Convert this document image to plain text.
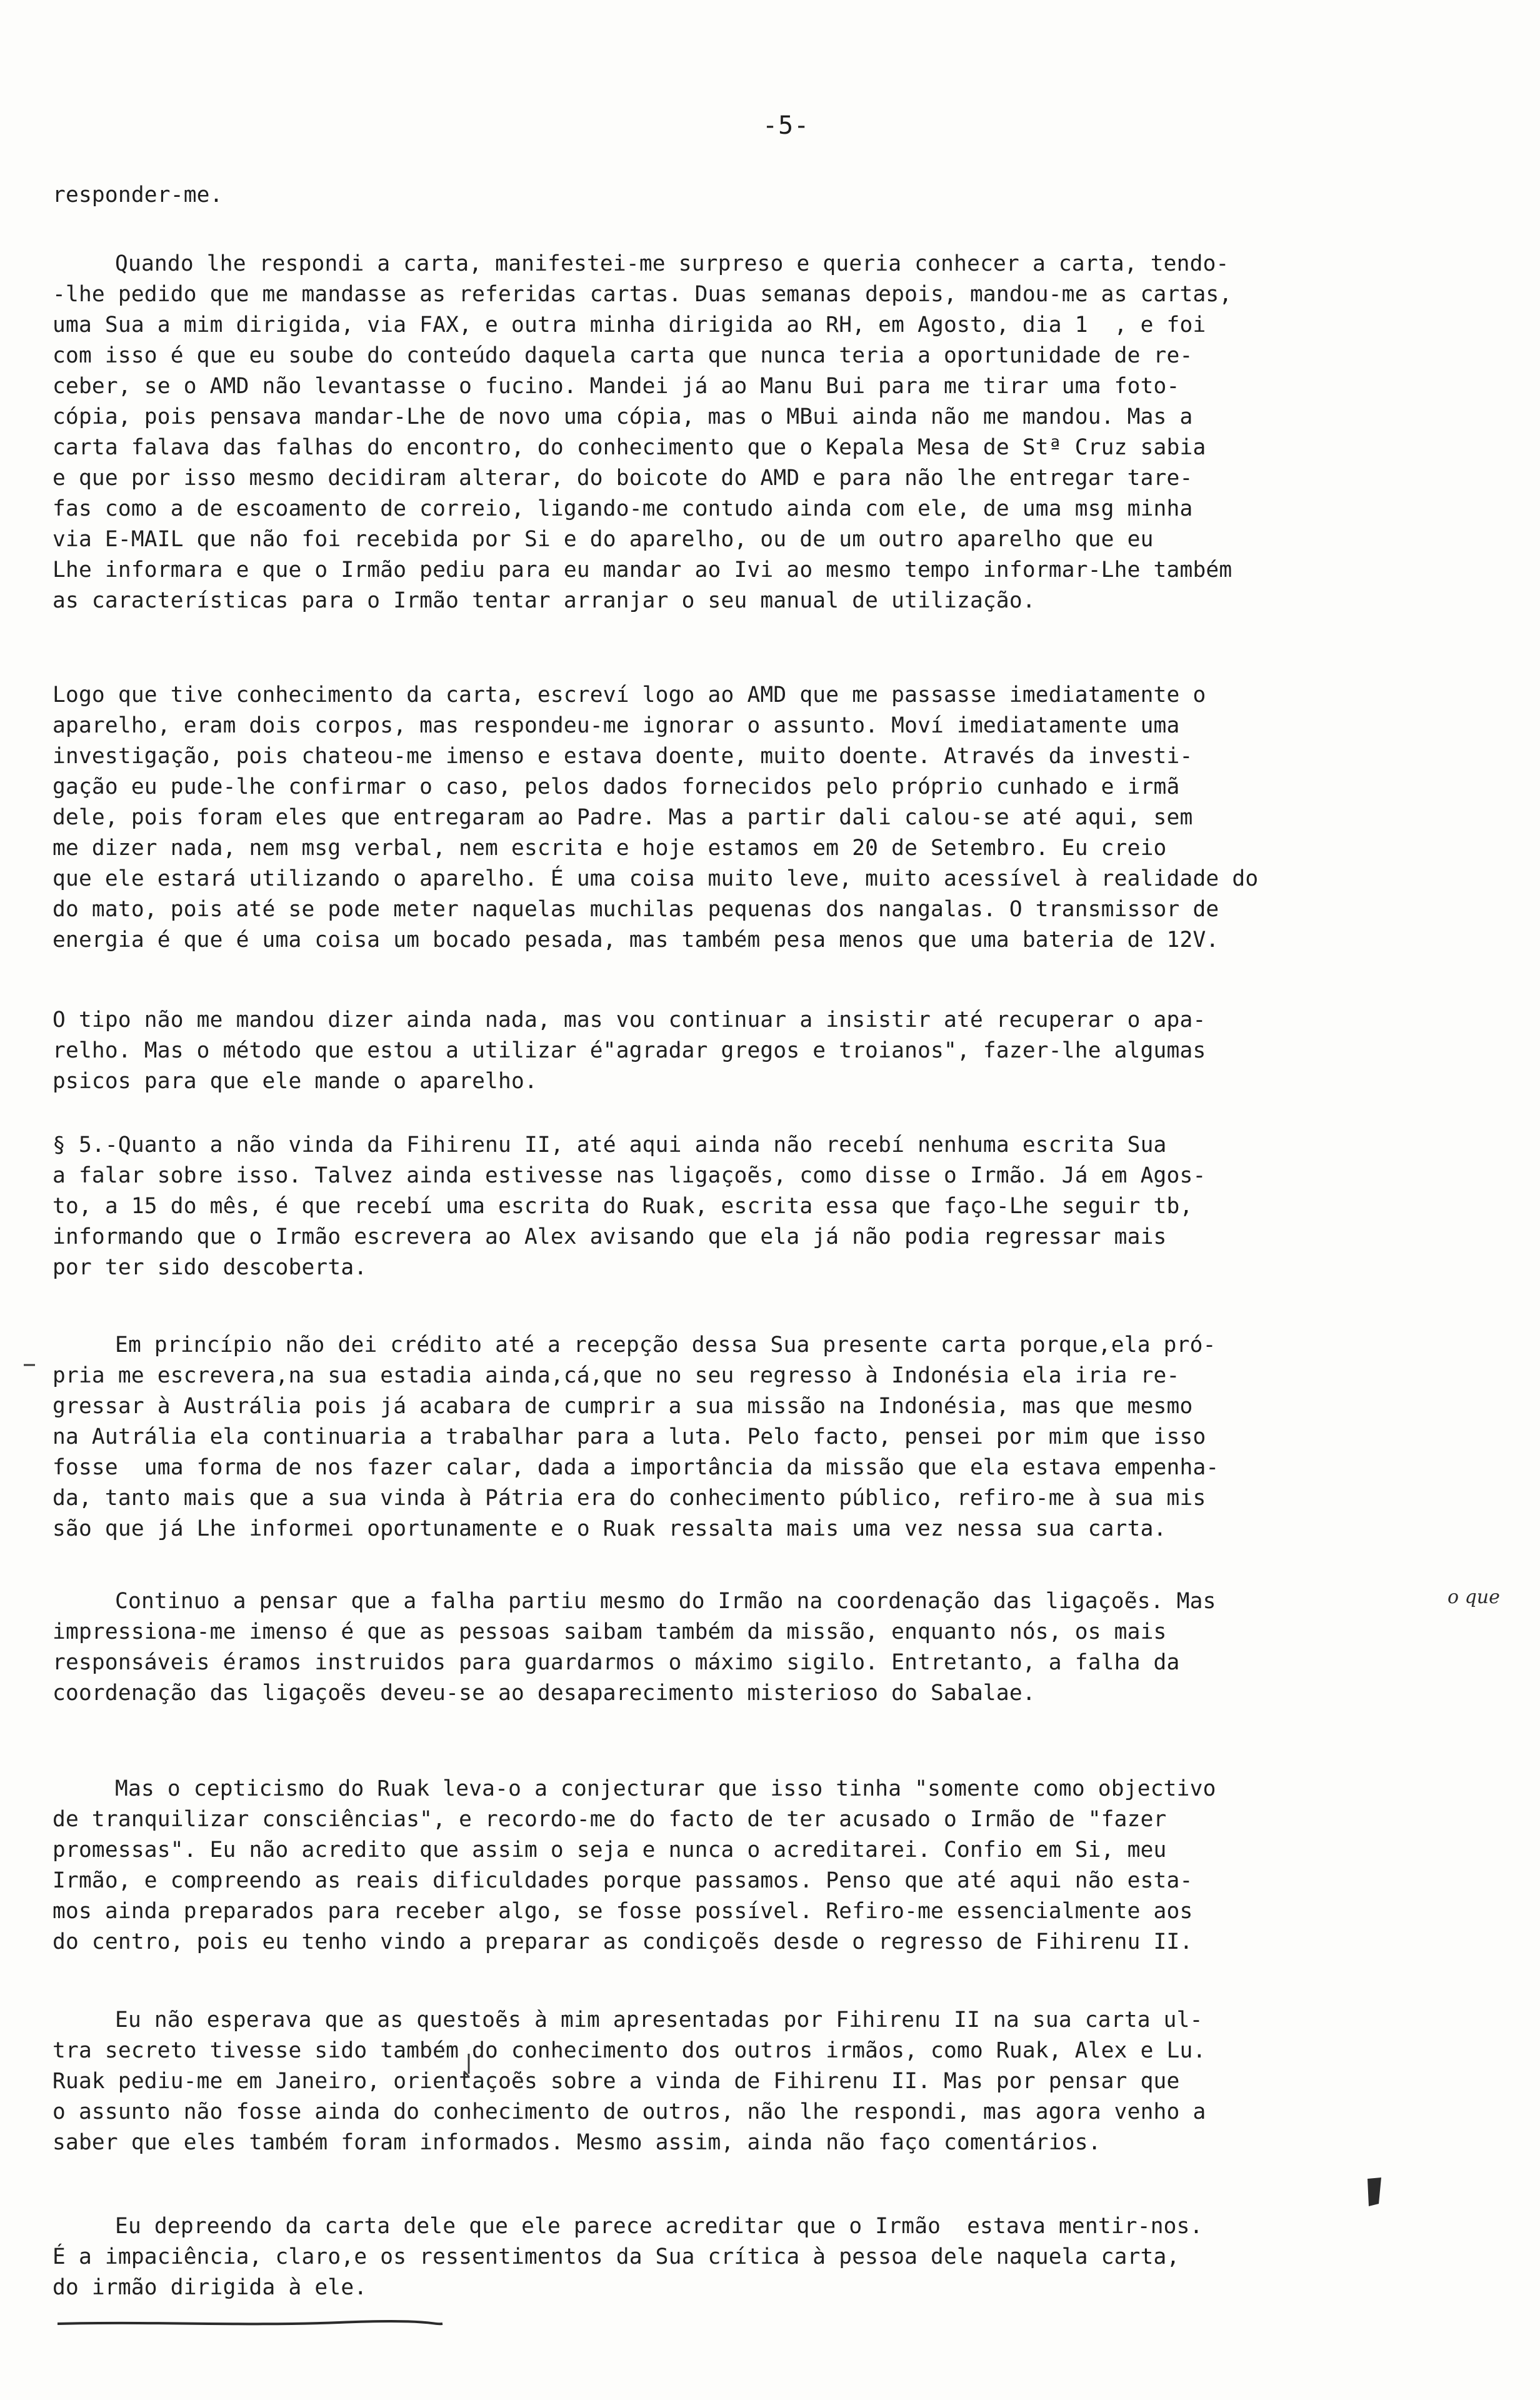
-5-
responder-me.
Quando lhe respondi a carta, manifestei-me surpreso e queria conhecer a carta, tendo-
-lhe pedido que me mandasse as referidas cartas. Duas semanas depois, mandou-me as cartas,
uma Sua a mim dirigida, via FAX, e outra minha dirigida ao RH, em Agosto, dia 1  , e foi
com isso é que eu soube do conteúdo daquela carta que nunca teria a oportunidade de re-
ceber, se o AMD não levantasse o fucino. Mandei já ao Manu Bui para me tirar uma foto-
cópia, pois pensava mandar-Lhe de novo uma cópia, mas o MBui ainda não me mandou. Mas a
carta falava das falhas do encontro, do conhecimento que o Kepala Mesa de Stª Cruz sabia
e que por isso mesmo decidiram alterar, do boicote do AMD e para não lhe entregar tare-
fas como a de escoamento de correio, ligando-me contudo ainda com ele, de uma msg minha
via E-MAIL que não foi recebida por Si e do aparelho, ou de um outro aparelho que eu
Lhe informara e que o Irmão pediu para eu mandar ao Ivi ao mesmo tempo informar-Lhe também
as características para o Irmão tentar arranjar o seu manual de utilização.
Logo que tive conhecimento da carta, escreví logo ao AMD que me passasse imediatamente o
aparelho, eram dois corpos, mas respondeu-me ignorar o assunto. Moví imediatamente uma
investigação, pois chateou-me imenso e estava doente, muito doente. Através da investi-
gação eu pude-lhe confirmar o caso, pelos dados fornecidos pelo próprio cunhado e irmã
dele, pois foram eles que entregaram ao Padre. Mas a partir dali calou-se até aqui, sem
me dizer nada, nem msg verbal, nem escrita e hoje estamos em 20 de Setembro. Eu creio
que ele estará utilizando o aparelho. É uma coisa muito leve, muito acessível à realidade do
do mato, pois até se pode meter naquelas muchilas pequenas dos nangalas. O transmissor de
energia é que é uma coisa um bocado pesada, mas também pesa menos que uma bateria de 12V.
O tipo não me mandou dizer ainda nada, mas vou continuar a insistir até recuperar o apa-
relho. Mas o método que estou a utilizar é"agradar gregos e troianos", fazer-lhe algumas
psicos para que ele mande o aparelho.
§ 5.-Quanto a não vinda da Fihirenu II, até aqui ainda não recebí nenhuma escrita Sua
a falar sobre isso. Talvez ainda estivesse nas ligaçoẽs, como disse o Irmão. Já em Agos-
to, a 15 do mês, é que recebí uma escrita do Ruak, escrita essa que faço-Lhe seguir tb,
informando que o Irmão escrevera ao Alex avisando que ela já não podia regressar mais
por ter sido descoberta.
Em princípio não dei crédito até a recepção dessa Sua presente carta porque,ela pró-
pria me escrevera,na sua estadia ainda,cá,que no seu regresso à Indonésia ela iria re-
gressar à Austrália pois já acabara de cumprir a sua missão na Indonésia, mas que mesmo
na Autrália ela continuaria a trabalhar para a luta. Pelo facto, pensei por mim que isso
fosse  uma forma de nos fazer calar, dada a importância da missão que ela estava empenha-
da, tanto mais que a sua vinda à Pátria era do conhecimento público, refiro-me à sua mis
são que já Lhe informei oportunamente e o Ruak ressalta mais uma vez nessa sua carta.
Continuo a pensar que a falha partiu mesmo do Irmão na coordenação das ligaçoẽs. Mas
impressiona-me imenso é que as pessoas saibam também da missão, enquanto nós, os mais
responsáveis éramos instruidos para guardarmos o máximo sigilo. Entretanto, a falha da
coordenação das ligaçoẽs deveu-se ao desaparecimento misterioso do Sabalae.
Mas o cepticismo do Ruak leva-o a conjecturar que isso tinha "somente como objectivo
de tranquilizar consciências", e recordo-me do facto de ter acusado o Irmão de "fazer
promessas". Eu não acredito que assim o seja e nunca o acreditarei. Confio em Si, meu
Irmão, e compreendo as reais dificuldades porque passamos. Penso que até aqui não esta-
mos ainda preparados para receber algo, se fosse possível. Refiro-me essencialmente aos
do centro, pois eu tenho vindo a preparar as condiçoẽs desde o regresso de Fihirenu II.
Eu não esperava que as questoẽs à mim apresentadas por Fihirenu II na sua carta ul-
tra secreto tivesse sido também do conhecimento dos outros irmãos, como Ruak, Alex e Lu.
Ruak pediu-me em Janeiro, orientaçoẽs sobre a vinda de Fihirenu II. Mas por pensar que
o assunto não fosse ainda do conhecimento de outros, não lhe respondi, mas agora venho a
saber que eles também foram informados. Mesmo assim, ainda não faço comentários.
Eu depreendo da carta dele que ele parece acreditar que o Irmão  estava mentir-nos.
É a impaciência, claro,e os ressentimentos da Sua crítica à pessoa dele naquela carta,
do irmão dirigida à ele.
o que
